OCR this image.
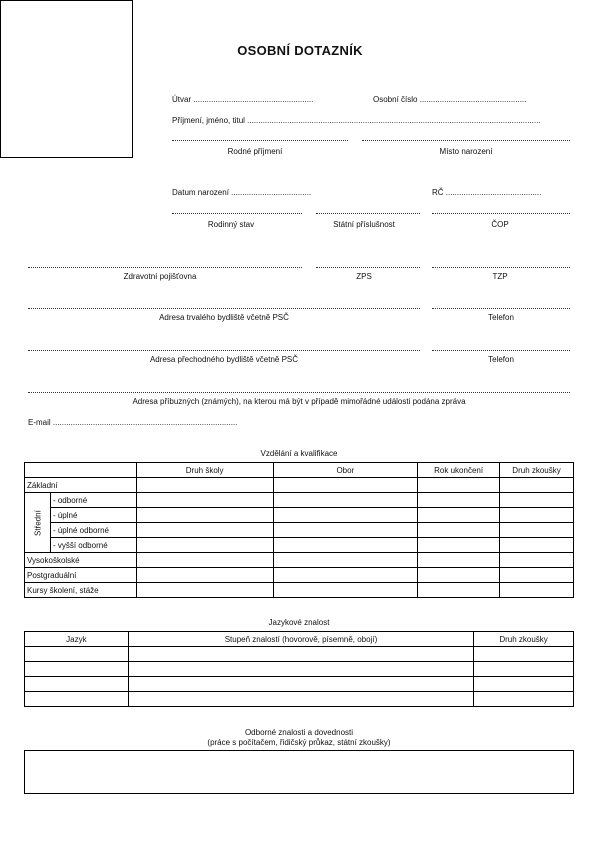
OSOBNÍ DOTAZNÍK
Útvar ......................................................	Osobní číslo ................................................
Příjmení, jméno, titul ....................................................................................................................................
Rodné příjmení	Místo narození
Datum narození ....................................	RČ ...........................................
Rodinný stav	Státní příslušnost	ČOP
Zdravotní pojišťovna	ZPS	TZP
Adresa trvalého bydliště včetně PSČ	Telefon
Adresa přechodného bydliště včetně PSČ	Telefon
Adresa příbuzných (známých), na kterou má být v případě mimořádné události podána zpráva
E-mail ...................................................................................
Vzdělání a kvalifikace
		Druh školy	Obor	Rok ukončení	Druh zkoušky
Základní					
Střední	- odborné				
	- úplné				
	- úplné odborné				
	- vyšší odborné				
Vysokoškolské					
Postgraduální					
Kursy školení, stáže					
Jazykové znalost
Jazyk	Stupeň znalostí (hovorově, písemně, obojí)	Druh zkoušky

Odborné znalosti a dovednosti
(práce s počítačem, řidičský průkaz, státní zkoušky)
